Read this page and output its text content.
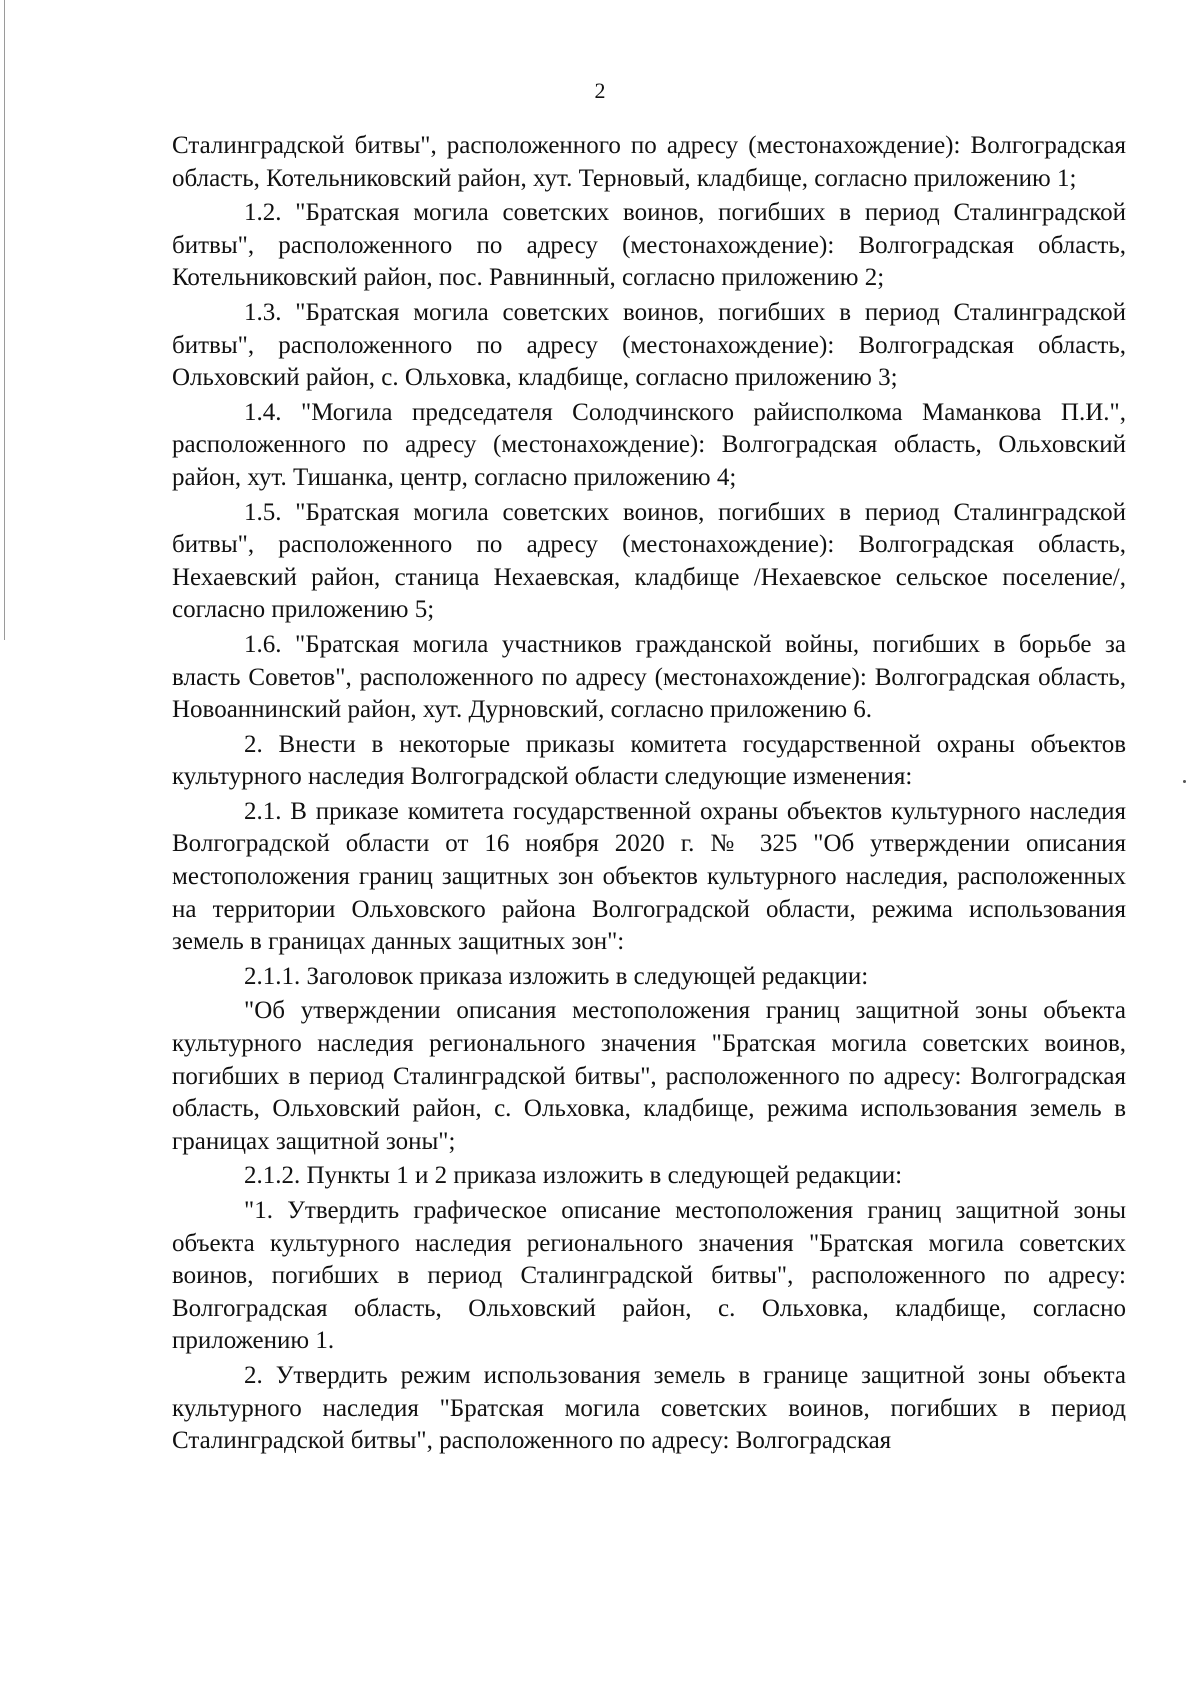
2

Сталинградской битвы", расположенного по адресу (местонахождение): Волгоградская область, Котельниковский район, хут. Терновый, кладбище, согласно приложению 1;

1.2. "Братская могила советских воинов, погибших в период Сталинградской битвы", расположенного по адресу (местонахождение): Волгоградская область, Котельниковский район, пос. Равнинный, согласно приложению 2;

1.3. "Братская могила советских воинов, погибших в период Сталинградской битвы", расположенного по адресу (местонахождение): Волгоградская область, Ольховский район, с. Ольховка, кладбище, согласно приложению 3;

1.4. "Могила председателя Солодчинского райисполкома Маманкова П.И.", расположенного по адресу (местонахождение): Волгоградская область, Ольховский район, хут. Тишанка, центр, согласно приложению 4;

1.5. "Братская могила советских воинов, погибших в период Сталинградской битвы", расположенного по адресу (местонахождение): Волгоградская область, Нехаевский район, станица Нехаевская, кладбище /Нехаевское сельское поселение/, согласно приложению 5;

1.6. "Братская могила участников гражданской войны, погибших в борьбе за власть Советов", расположенного по адресу (местонахождение): Волгоградская область, Новоаннинский район, хут. Дурновский, согласно приложению 6.

2. Внести в некоторые приказы комитета государственной охраны объектов культурного наследия Волгоградской области следующие изменения:

2.1. В приказе комитета государственной охраны объектов культурного наследия Волгоградской области от 16 ноября 2020 г. № 325 "Об утверждении описания местоположения границ защитных зон объектов культурного наследия, расположенных на территории Ольховского района Волгоградской области, режима использования земель в границах данных защитных зон":

2.1.1. Заголовок приказа изложить в следующей редакции:

"Об утверждении описания местоположения границ защитной зоны объекта культурного наследия регионального значения "Братская могила советских воинов, погибших в период Сталинградской битвы", расположенного по адресу: Волгоградская область, Ольховский район, с. Ольховка, кладбище, режима использования земель в границах защитной зоны";

2.1.2. Пункты 1 и 2 приказа изложить в следующей редакции:

"1. Утвердить графическое описание местоположения границ защитной зоны объекта культурного наследия регионального значения "Братская могила советских воинов, погибших в период Сталинградской битвы", расположенного по адресу: Волгоградская область, Ольховский район, с. Ольховка, кладбище, согласно приложению 1.

2. Утвердить режим использования земель в границе защитной зоны объекта культурного наследия "Братская могила советских воинов, погибших в период Сталинградской битвы", расположенного по адресу: Волгоградская
